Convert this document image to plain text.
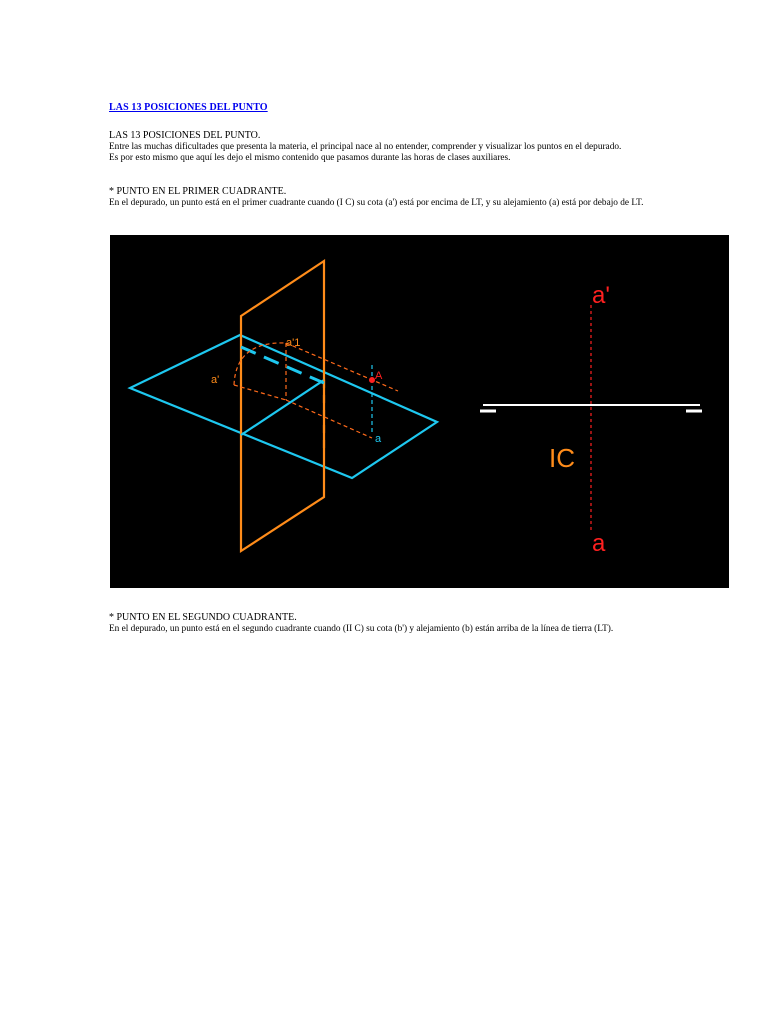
LAS 13 POSICIONES DEL PUNTO
LAS 13 POSICIONES DEL PUNTO.
Entre las muchas dificultades que presenta la materia, el principal nace al no entender, comprender y visualizar los puntos en el depurado.
Es por esto mismo que aquí les dejo el mismo contenido que pasamos durante las horas de clases auxiliares.
* PUNTO EN EL PRIMER CUADRANTE.
En el depurado, un punto está en el primer cuadrante cuando (I C) su cota (a') está por encima de LT, y su alejamiento (a) está por debajo de LT.
a'1
a'	A
a
a'
IC
a
* PUNTO EN EL SEGUNDO CUADRANTE.
En el depurado, un punto está en el segundo cuadrante cuando (II C) su cota (b') y alejamiento (b) están arriba de la línea de tierra (LT).
